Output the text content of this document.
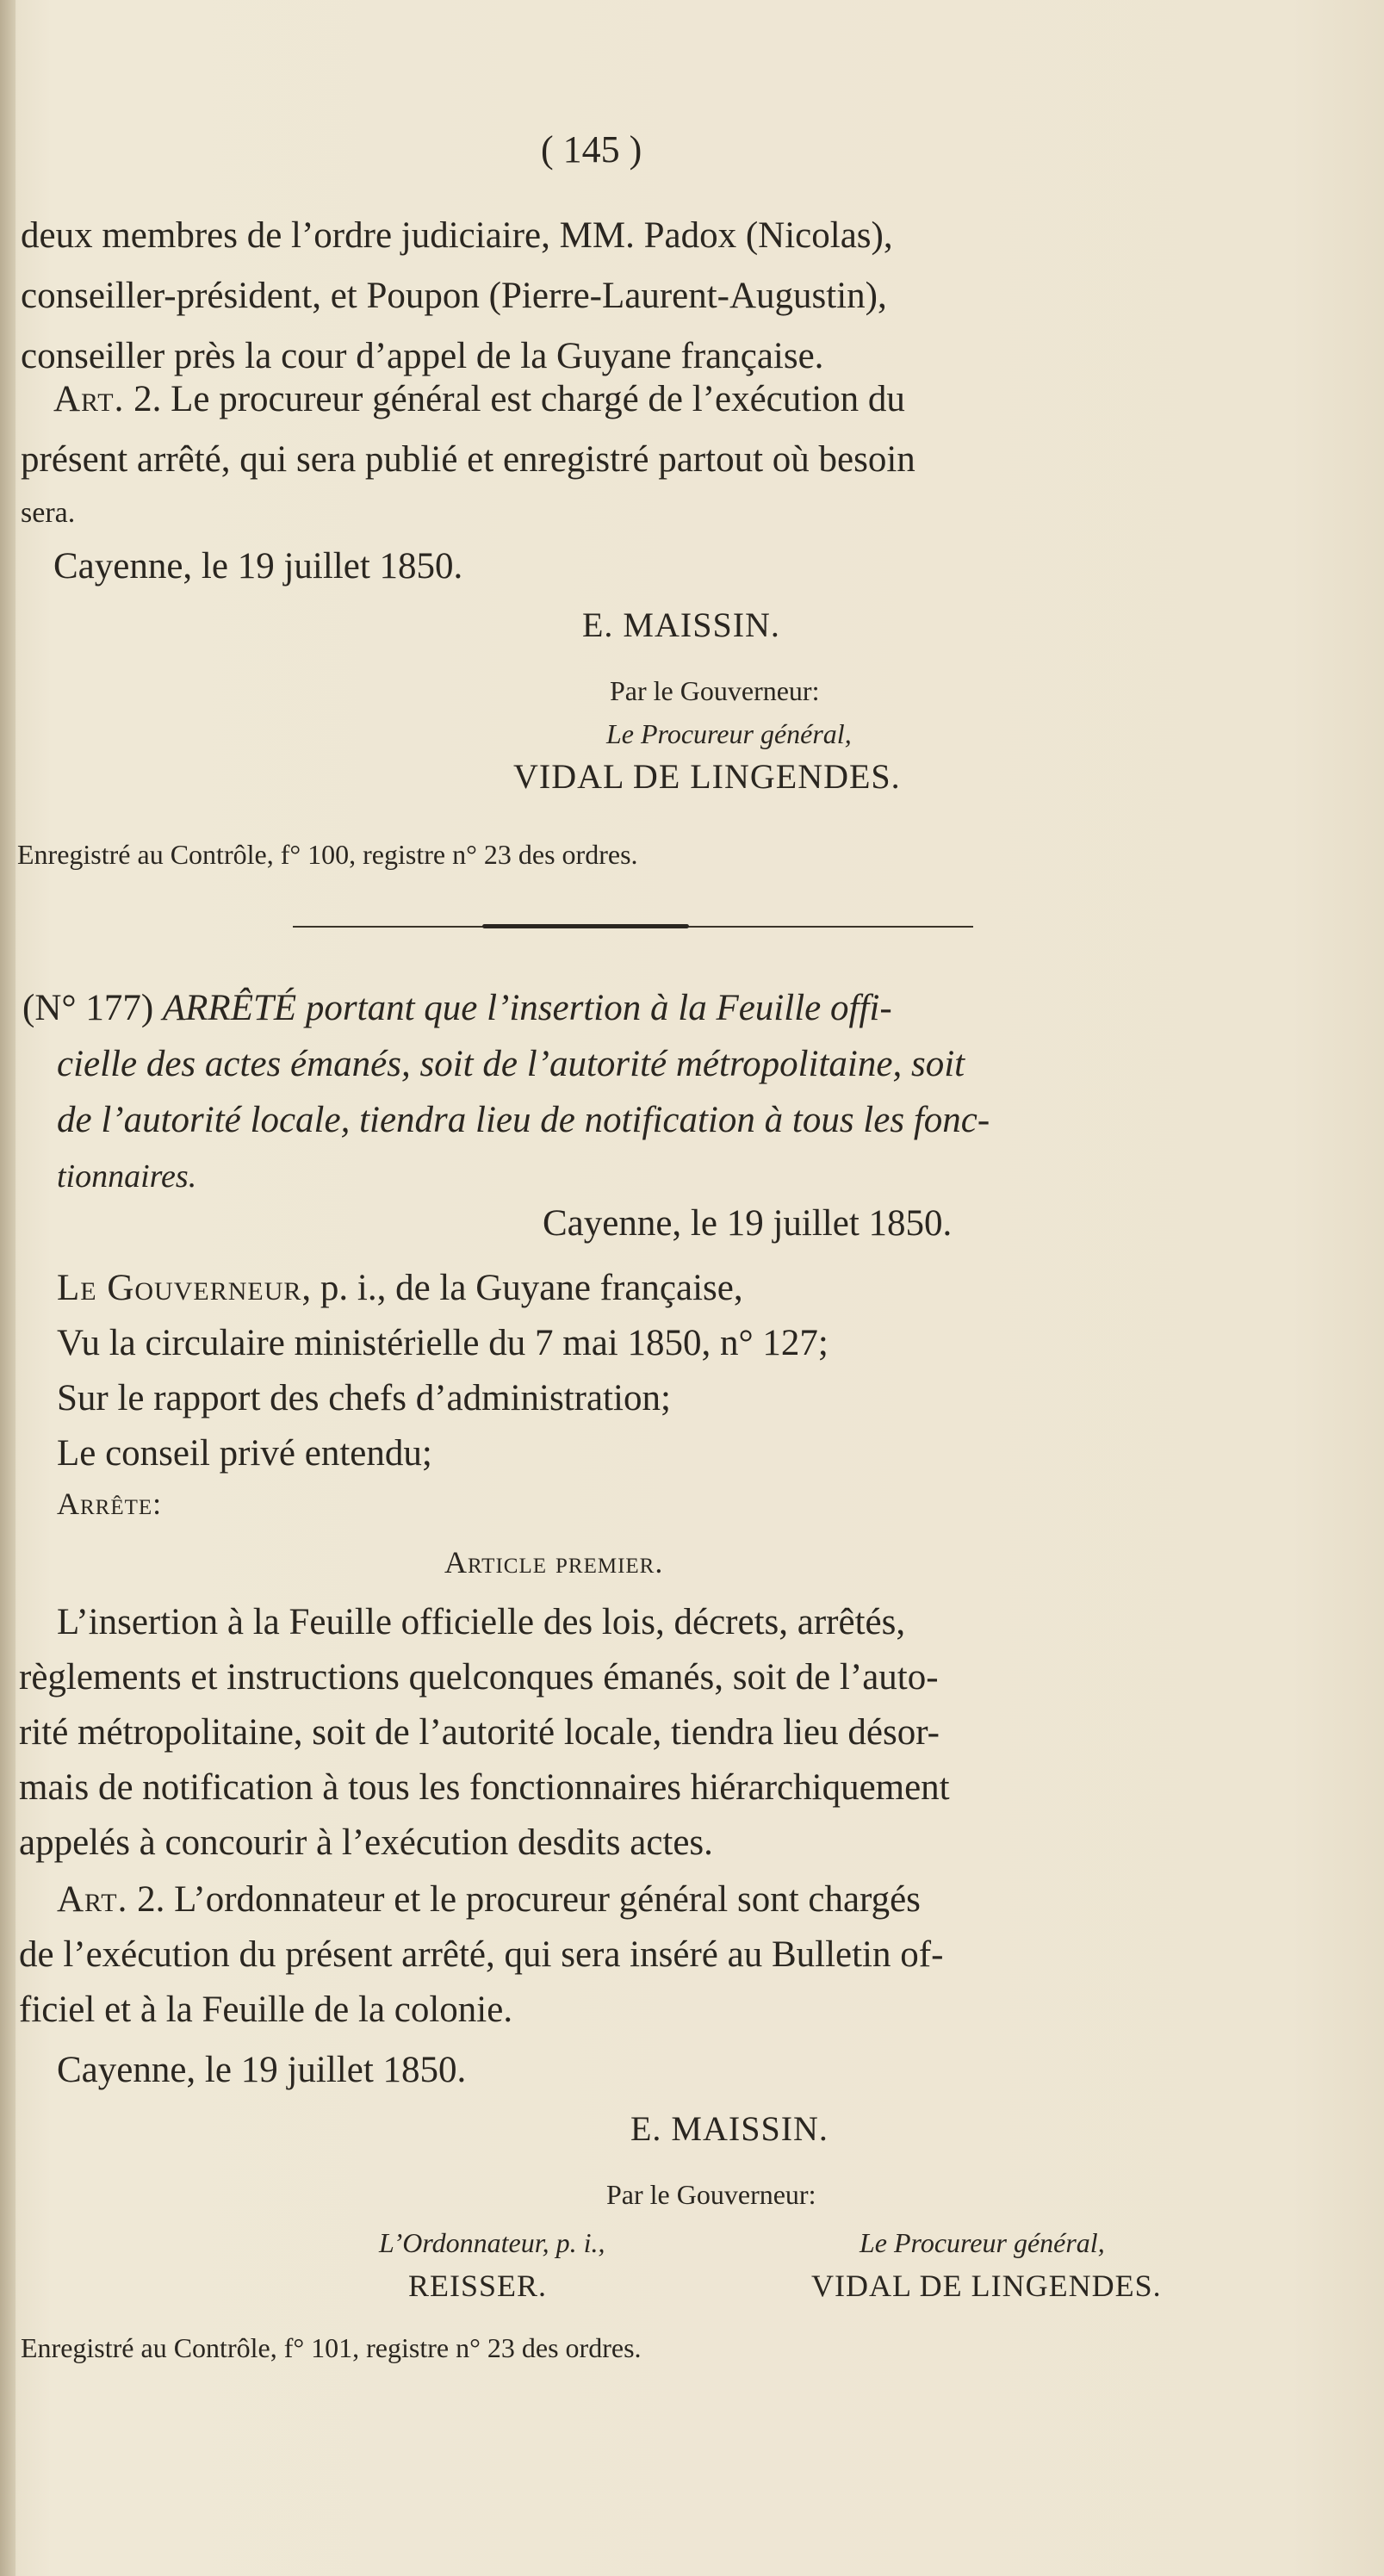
( 145 )
deux membres de l’ordre judiciaire, MM. Padox (Nicolas),
conseiller-président, et Poupon (Pierre-Laurent-Augustin),
conseiller près la cour d’appel de la Guyane française.
Art. 2. Le procureur général est chargé de l’exécution du
présent arrêté, qui sera publié et enregistré partout où besoin
sera.
Cayenne, le 19 juillet 1850.
E. MAISSIN.
Par le Gouverneur:
Le Procureur général,
VIDAL DE LINGENDES.
Enregistré au Contrôle, f° 100, registre n° 23 des ordres.
(N° 177) ARRÊTÉ portant que l’insertion à la Feuille offi-
cielle des actes émanés, soit de l’autorité métropolitaine, soit
de l’autorité locale, tiendra lieu de notification à tous les fonc-
tionnaires.
Cayenne, le 19 juillet 1850.
Le Gouverneur, p. i., de la Guyane française,
Vu la circulaire ministérielle du 7 mai 1850, n° 127;
Sur le rapport des chefs d’administration;
Le conseil privé entendu;
Arrête:
Article premier.
L’insertion à la Feuille officielle des lois, décrets, arrêtés,
règlements et instructions quelconques émanés, soit de l’auto-
rité métropolitaine, soit de l’autorité locale, tiendra lieu désor-
mais de notification à tous les fonctionnaires hiérarchiquement
appelés à concourir à l’exécution desdits actes.
Art. 2. L’ordonnateur et le procureur général sont chargés
de l’exécution du présent arrêté, qui sera inséré au Bulletin of-
ficiel et à la Feuille de la colonie.
Cayenne, le 19 juillet 1850.
E. MAISSIN.
Par le Gouverneur:
L’Ordonnateur, p. i.,	Le Procureur général,
REISSER.	VIDAL DE LINGENDES.
Enregistré au Contrôle, f° 101, registre n° 23 des ordres.
